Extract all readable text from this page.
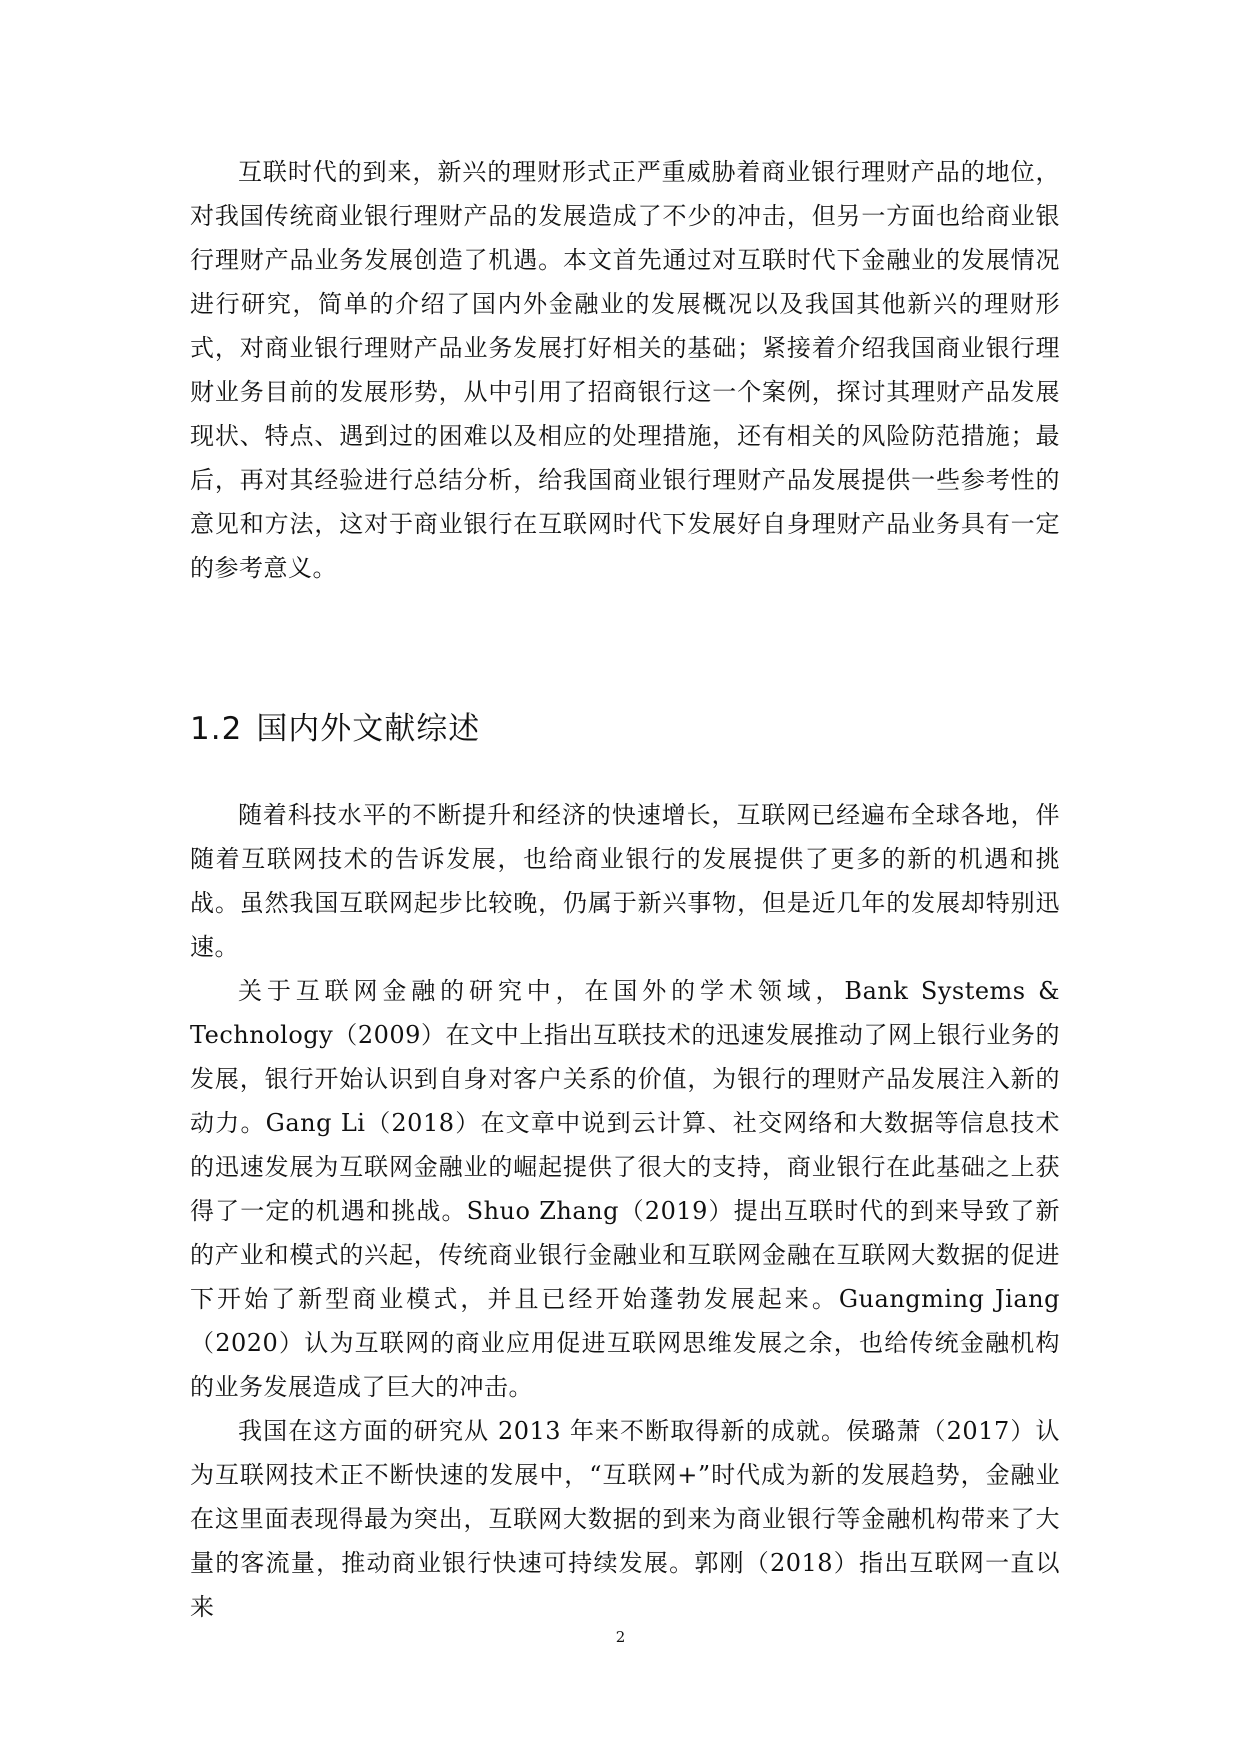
互联时代的到来，新兴的理财形式正严重威胁着商业银行理财产品的地位，对我国传统商业银行理财产品的发展造成了不少的冲击，但另一方面也给商业银行理财产品业务发展创造了机遇。本文首先通过对互联时代下金融业的发展情况进行研究，简单的介绍了国内外金融业的发展概况以及我国其他新兴的理财形式，对商业银行理财产品业务发展打好相关的基础；紧接着介绍我国商业银行理财业务目前的发展形势，从中引用了招商银行这一个案例，探讨其理财产品发展现状、特点、遇到过的困难以及相应的处理措施，还有相关的风险防范措施；最后，再对其经验进行总结分析，给我国商业银行理财产品发展提供一些参考性的意见和方法，这对于商业银行在互联网时代下发展好自身理财产品业务具有一定的参考意义。

1.2 国内外文献综述

随着科技水平的不断提升和经济的快速增长，互联网已经遍布全球各地，伴随着互联网技术的告诉发展，也给商业银行的发展提供了更多的新的机遇和挑战。虽然我国互联网起步比较晚，仍属于新兴事物，但是近几年的发展却特别迅速。

关于互联网金融的研究中，在国外的学术领域，Bank Systems & Technology（2009）在文中上指出互联技术的迅速发展推动了网上银行业务的发展，银行开始认识到自身对客户关系的价值，为银行的理财产品发展注入新的动力。Gang Li（2018）在文章中说到云计算、社交网络和大数据等信息技术的迅速发展为互联网金融业的崛起提供了很大的支持，商业银行在此基础之上获得了一定的机遇和挑战。Shuo Zhang（2019）提出互联时代的到来导致了新的产业和模式的兴起，传统商业银行金融业和互联网金融在互联网大数据的促进下开始了新型商业模式，并且已经开始蓬勃发展起来。Guangming Jiang（2020）认为互联网的商业应用促进互联网思维发展之余，也给传统金融机构的业务发展造成了巨大的冲击。

我国在这方面的研究从 2013 年来不断取得新的成就。侯璐萧（2017）认为互联网技术正不断快速的发展中，“互联网+”时代成为新的发展趋势，金融业在这里面表现得最为突出，互联网大数据的到来为商业银行等金融机构带来了大量的客流量，推动商业银行快速可持续发展。郭刚（2018）指出互联网一直以来

2
